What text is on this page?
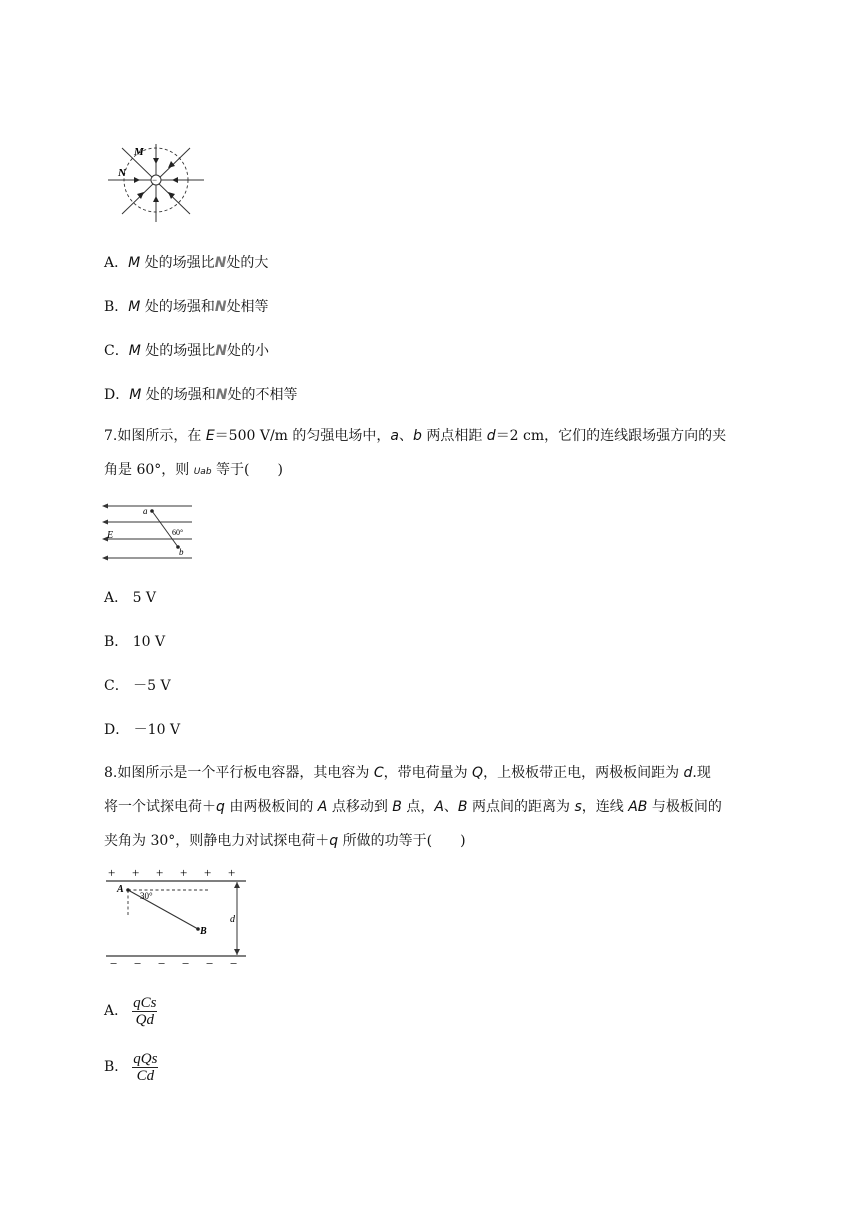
−
M
N
A．M 处的场强比N处的大
B．M 处的场强和N处相等
C．M 处的场强比N处的小
D．M 处的场强和N处的不相等
7.如图所示，在 E＝500 V/m 的匀强电场中，a、b 两点相距 d＝2 cm，它们的连线跟场强方向的夹
角是 60°，则 Uab 等于(　　)
a
E	60°
b
A． 5 V
B． 10 V
C． －5 V
D． －10 V
8.如图所示是一个平行板电容器，其电容为 C，带电荷量为 Q，上极板带正电，两极板间距为 d.现
将一个试探电荷＋q 由两极板间的 A 点移动到 B 点，A、B 两点间的距离为 s，连线 AB 与极板间的
夹角为 30°，则静电力对试探电荷＋q 所做的功等于(　　)
+ + + + + +
− − − − − −
A
30°
B
d
A． $\frac{\text{qCs}}{Qd}$
B． $\frac{\text{qQs}}{Cd}$
